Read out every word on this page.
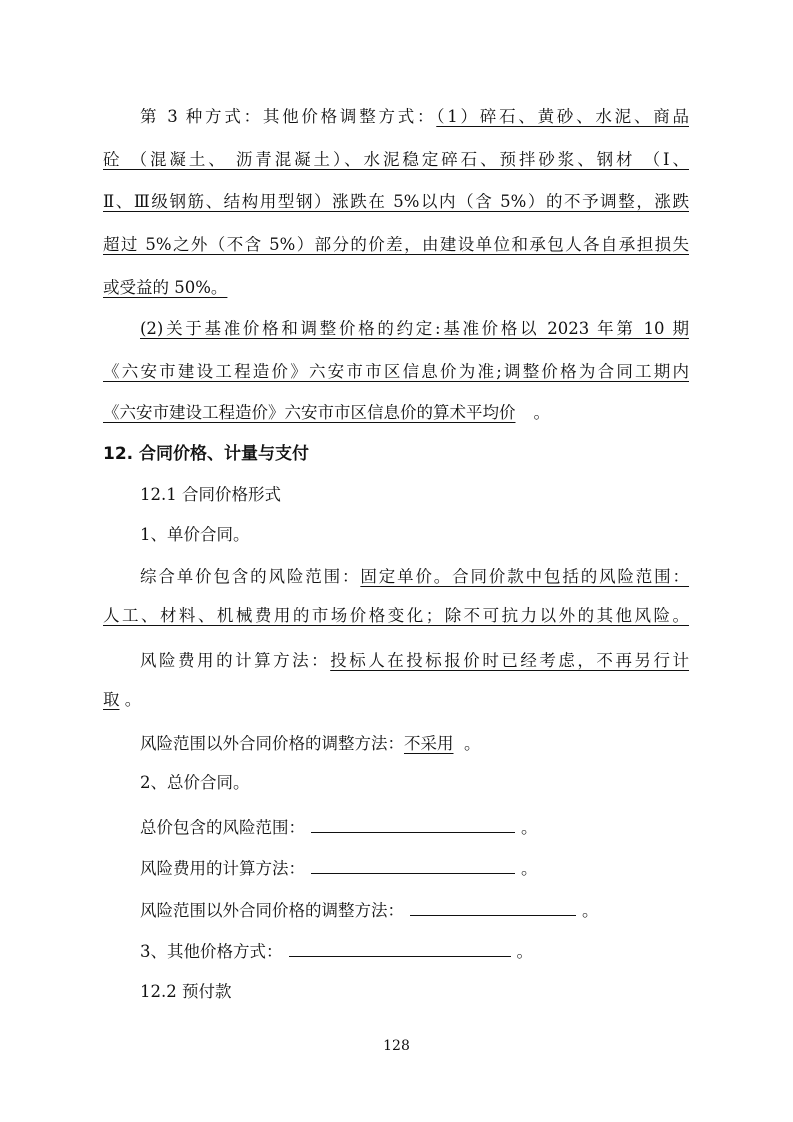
第 3 种方式：其他价格调整方式：（1）碎石、黄砂、水泥、商品
砼 （混凝土、 沥青混凝土）、水泥稳定碎石、预拌砂浆、钢材 （Ⅰ、
Ⅱ、Ⅲ级钢筋、结构用型钢）涨跌在 5%以内（含 5%）的不予调整，涨跌
超过 5%之外（不含 5%）部分的价差，由建设单位和承包人各自承担损失
或受益的 50%。
(2)关于基准价格和调整价格的约定:基准价格以 2023 年第 10 期
《六安市建设工程造价》六安市市区信息价为准;调整价格为合同工期内
《六安市建设工程造价》六安市市区信息价的算术平均价 。
12. 合同价格、计量与支付
12.1 合同价格形式
1、单价合同。
综合单价包含的风险范围：固定单价。合同价款中包括的风险范围：
人工、材料、机械费用的市场价格变化；除不可抗力以外的其他风险。
风险费用的计算方法：投标人在投标报价时已经考虑，不再另行计
取 。
风险范围以外合同价格的调整方法：不采用 。
2、总价合同。
总价包含的风险范围：	。
风险费用的计算方法：	。
风险范围以外合同价格的调整方法：	。
3、其他价格方式：	。
12.2 预付款
128
